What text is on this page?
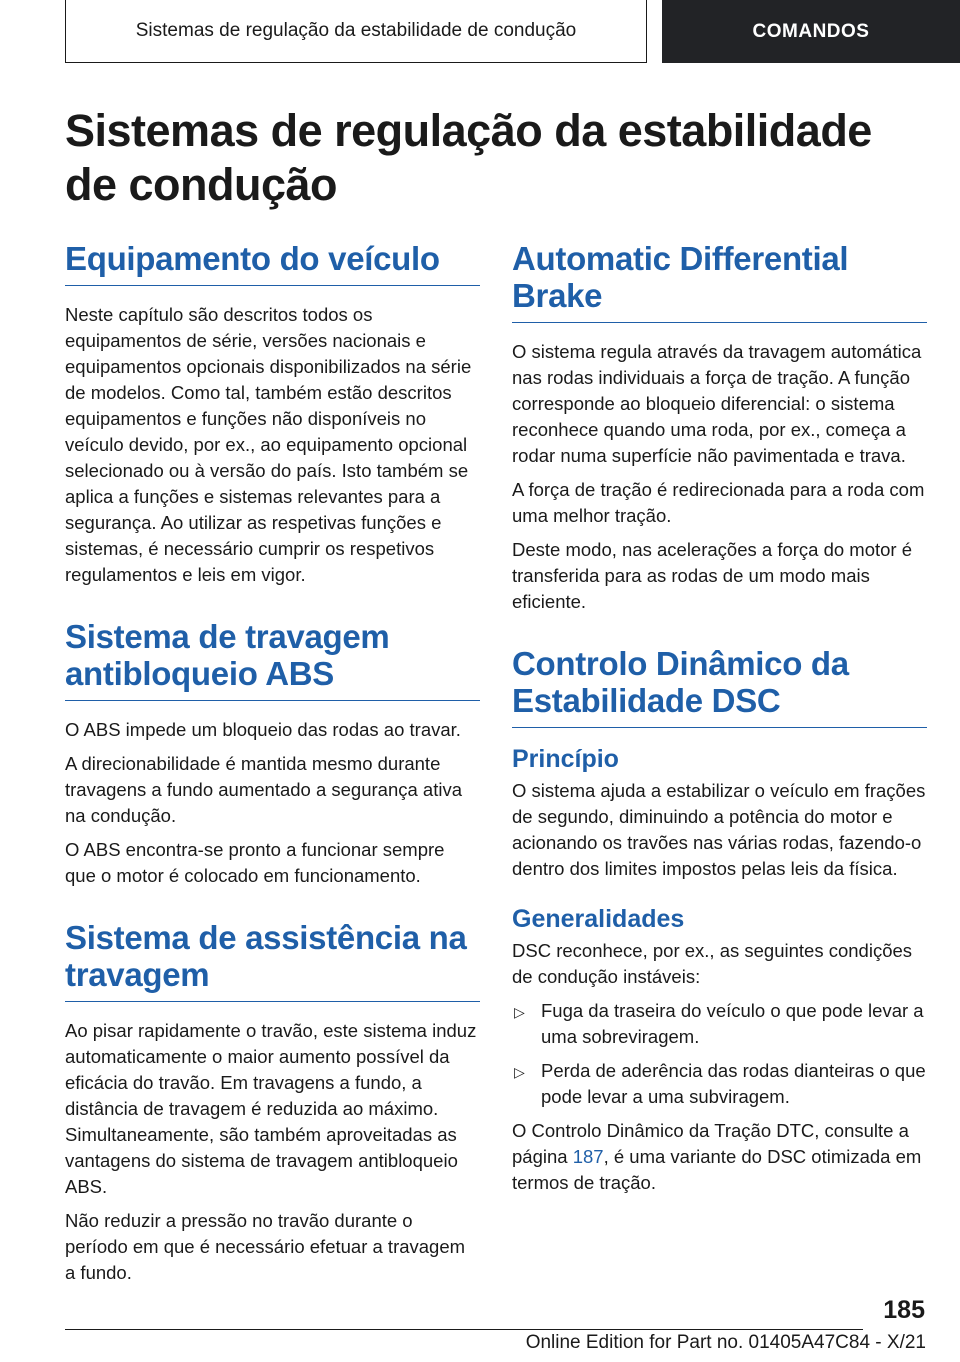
Sistemas de regulação da estabilidade de condução	COMANDOS
Sistemas de regulação da estabilidade de condução
Equipamento do veículo

Neste capítulo são descritos todos os equipamentos de série, versões nacionais e equipamentos opcionais disponibilizados na série de modelos. Como tal, também estão descritos equipamentos e funções não disponíveis no veículo devido, por ex., ao equipamento opcional selecionado ou à versão do país. Isto também se aplica a funções e sistemas relevantes para a segurança. Ao utilizar as respetivas funções e sistemas, é necessário cumprir os respetivos regulamentos e leis em vigor.

Sistema de travagem antibloqueio ABS

O ABS impede um bloqueio das rodas ao travar.

A direcionabilidade é mantida mesmo durante travagens a fundo aumentado a segurança ativa na condução.

O ABS encontra-se pronto a funcionar sempre que o motor é colocado em funcionamento.

Sistema de assistência na travagem

Ao pisar rapidamente o travão, este sistema induz automaticamente o maior aumento possível da eficácia do travão. Em travagens a fundo, a distância de travagem é reduzida ao máximo. Simultaneamente, são também aproveitadas as vantagens do sistema de travagem antibloqueio ABS.

Não reduzir a pressão no travão durante o período em que é necessário efetuar a travagem a fundo.

Automatic Differential Brake

O sistema regula através da travagem automática nas rodas individuais a força de tração. A função corresponde ao bloqueio diferencial: o sistema reconhece quando uma roda, por ex., começa a rodar numa superfície não pavimentada e trava.

A força de tração é redirecionada para a roda com uma melhor tração.

Deste modo, nas acelerações a força do motor é transferida para as rodas de um modo mais eficiente.

Controlo Dinâmico da Estabilidade DSC
Princípio

O sistema ajuda a estabilizar o veículo em frações de segundo, diminuindo a potência do motor e acionando os travões nas várias rodas, fazendo-o dentro dos limites impostos pelas leis da física.

Generalidades

DSC reconhece, por ex., as seguintes condições de condução instáveis:

▷ Fuga da traseira do veículo o que pode levar a uma sobreviragem.
▷ Perda de aderência das rodas dianteiras o que pode levar a uma subviragem.

O Controlo Dinâmico da Tração DTC, consulte a página 187, é uma variante do DSC otimizada em termos de tração.

185
Online Edition for Part no. 01405A47C84 - X/21
